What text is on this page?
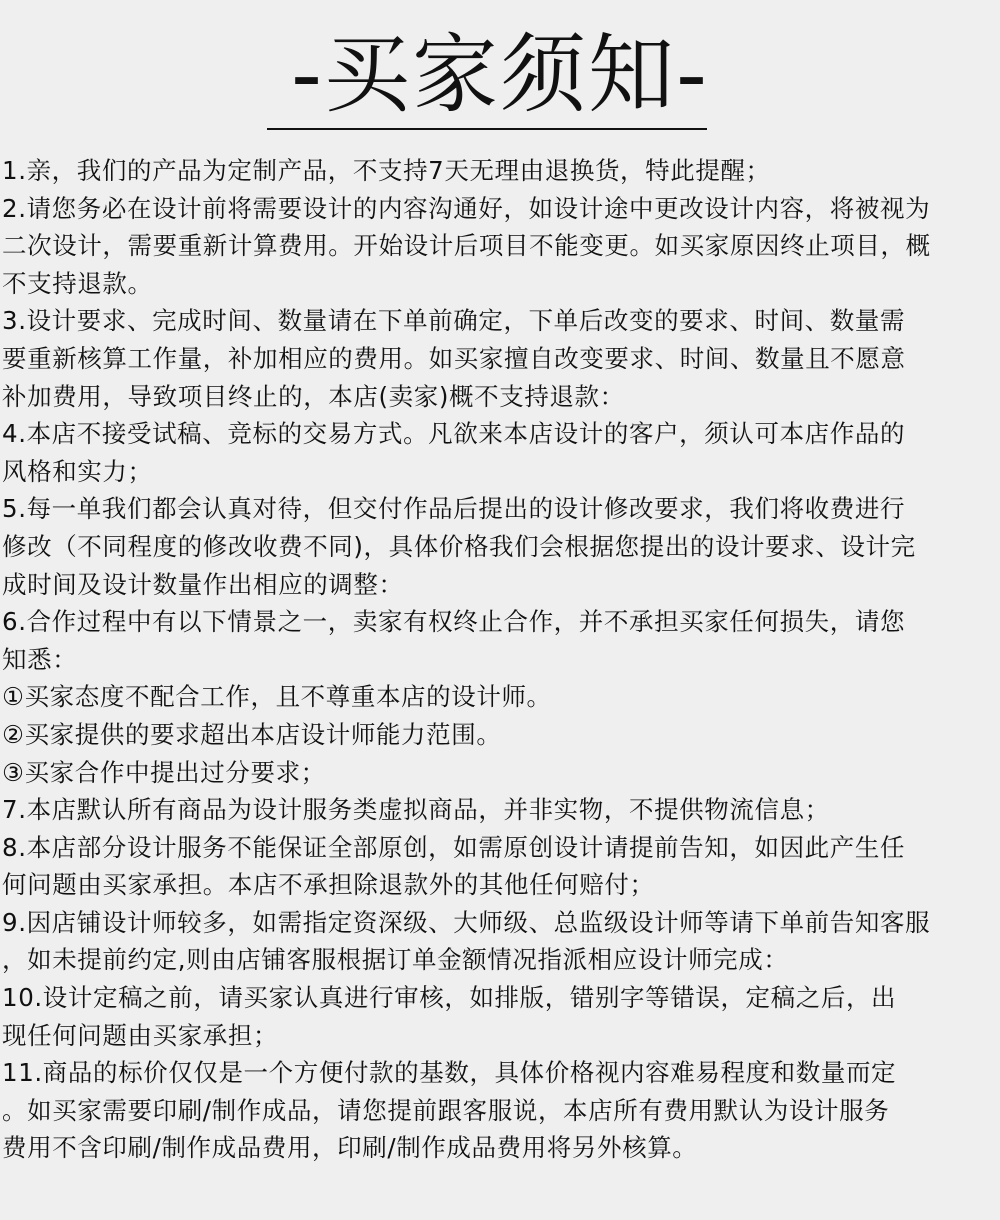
-买家须知-
1.亲，我们的产品为定制产品，不支持7天无理由退换货，特此提醒；
2.请您务必在设计前将需要设计的内容沟通好，如设计途中更改设计内容，将被视为
二次设计，需要重新计算费用。开始设计后项目不能变更。如买家原因终止项目，概
不支持退款。
3.设计要求、完成时间、数量请在下单前确定，下单后改变的要求、时间、数量需
要重新核算工作量，补加相应的费用。如买家擅自改变要求、时间、数量且不愿意
补加费用，导致项目终止的，本店(卖家)概不支持退款：
4.本店不接受试稿、竞标的交易方式。凡欲来本店设计的客户，须认可本店作品的
风格和实力；
5.每一单我们都会认真对待，但交付作品后提出的设计修改要求，我们将收费进行
修改（不同程度的修改收费不同)，具体价格我们会根据您提出的设计要求、设计完
成时间及设计数量作出相应的调整：
6.合作过程中有以下情景之一，卖家有权终止合作，并不承担买家任何损失，请您
知悉：
①买家态度不配合工作，且不尊重本店的设计师。
②买家提供的要求超出本店设计师能力范围。
③买家合作中提出过分要求；
7.本店默认所有商品为设计服务类虚拟商品，并非实物，不提供物流信息；
8.本店部分设计服务不能保证全部原创，如需原创设计请提前告知，如因此产生任
何问题由买家承担。本店不承担除退款外的其他任何赔付；
9.因店铺设计师较多，如需指定资深级、大师级、总监级设计师等请下单前告知客服
，如未提前约定,则由店铺客服根据订单金额情况指派相应设计师完成：
10.设计定稿之前，请买家认真进行审核，如排版，错别字等错误，定稿之后，出
现任何问题由买家承担；
11.商品的标价仅仅是一个方便付款的基数，具体价格视内容难易程度和数量而定
。如买家需要印刷/制作成品，请您提前跟客服说，本店所有费用默认为设计服务
费用不含印刷/制作成品费用，印刷/制作成品费用将另外核算。
